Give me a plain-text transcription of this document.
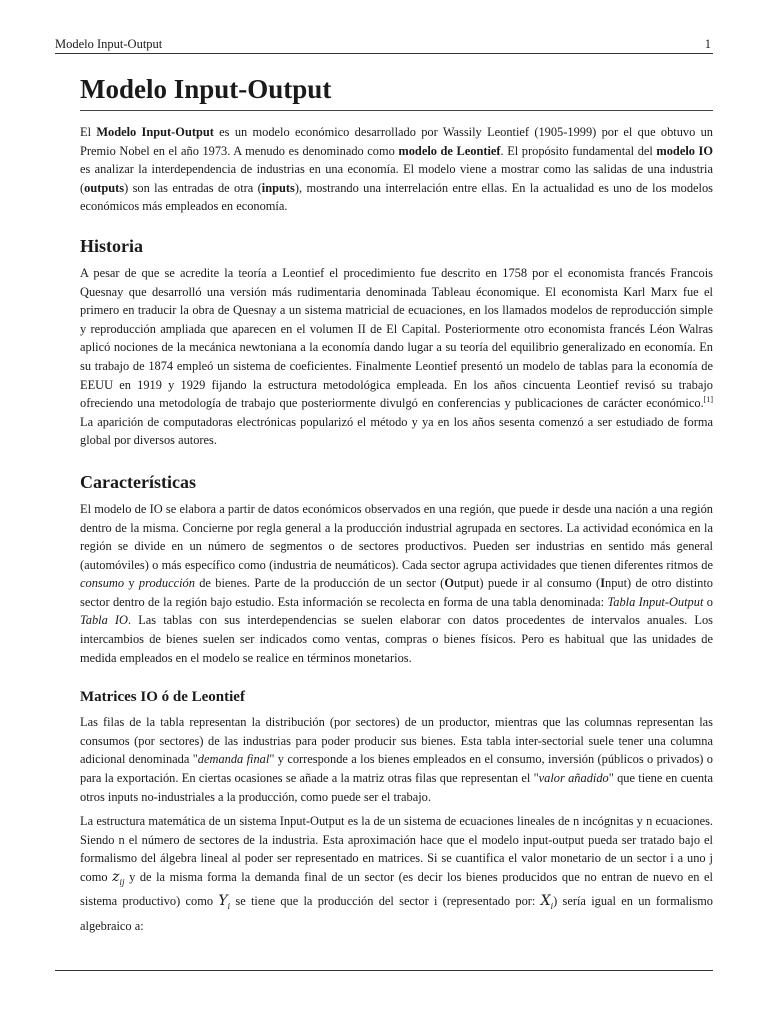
Modelo Input-Output	1
Modelo Input-Output

El Modelo Input-Output es un modelo económico desarrollado por Wassily Leontief (1905-1999) por el que obtuvo un Premio Nobel en el año 1973. A menudo es denominado como modelo de Leontief. El propósito fundamental del modelo IO es analizar la interdependencia de industrias en una economía. El modelo viene a mostrar como las salidas de una industria (outputs) son las entradas de otra (inputs), mostrando una interrelación entre ellas. En la actualidad es uno de los modelos económicos más empleados en economía.

Historia

A pesar de que se acredite la teoría a Leontief el procedimiento fue descrito en 1758 por el economista francés Francois Quesnay que desarrolló una versión más rudimentaria denominada Tableau économique. El economista Karl Marx fue el primero en traducir la obra de Quesnay a un sistema matricial de ecuaciones, en los llamados modelos de reproducción simple y reproducción ampliada que aparecen en el volumen II de El Capital. Posteriormente otro economista francés Léon Walras aplicó nociones de la mecánica newtoniana a la economía dando lugar a su teoría del equilibrio generalizado en economía. En su trabajo de 1874 empleó un sistema de coeficientes. Finalmente Leontief presentó un modelo de tablas para la economía de EEUU en 1919 y 1929 fijando la estructura metodológica empleada. En los años cincuenta Leontief revisó su trabajo ofreciendo una metodología de trabajo que posteriormente divulgó en conferencias y publicaciones de carácter económico.[1] La aparición de computadoras electrónicas popularizó el método y ya en los años sesenta comenzó a ser estudiado de forma global por diversos autores.

Características

El modelo de IO se elabora a partir de datos económicos observados en una región, que puede ir desde una nación a una región dentro de la misma. Concierne por regla general a la producción industrial agrupada en sectores. La actividad económica en la región se divide en un número de segmentos o de sectores productivos. Pueden ser industrias en sentido más general (automóviles) o más específico como (industria de neumáticos). Cada sector agrupa actividades que tienen diferentes ritmos de consumo y producción de bienes. Parte de la producción de un sector (Output) puede ir al consumo (Input) de otro distinto sector dentro de la región bajo estudio. Esta información se recolecta en forma de una tabla denominada: Tabla Input-Output o Tabla IO. Las tablas con sus interdependencias se suelen elaborar con datos procedentes de intervalos anuales. Los intercambios de bienes suelen ser indicados como ventas, compras o bienes físicos. Pero es habitual que las unidades de medida empleados en el modelo se realice en términos monetarios.

Matrices IO ó de Leontief

Las filas de la tabla representan la distribución (por sectores) de un productor, mientras que las columnas representan las consumos (por sectores) de las industrias para poder producir sus bienes. Esta tabla inter-sectorial suele tener una columna adicional denominada "demanda final" y corresponde a los bienes empleados en el consumo, inversión (públicos o privados) o para la exportación. En ciertas ocasiones se añade a la matriz otras filas que representan el "valor añadido" que tiene en cuenta otros inputs no-industriales a la producción, como puede ser el trabajo.

La estructura matemática de un sistema Input-Output es la de un sistema de ecuaciones lineales de n incógnitas y n ecuaciones. Siendo n el número de sectores de la industria. Esta aproximación hace que el modelo input-output pueda ser tratado bajo el formalismo del álgebra lineal al poder ser representado en matrices. Si se cuantifica el valor monetario de un sector i a uno j como $z_{ij}$ y de la misma forma la demanda final de un sector (es decir los bienes producidos que no entran de nuevo en el sistema productivo) como $Y_i$ se tiene que la producción del sector i (representado por: $X_i$) sería igual en un formalismo algebraico a:
